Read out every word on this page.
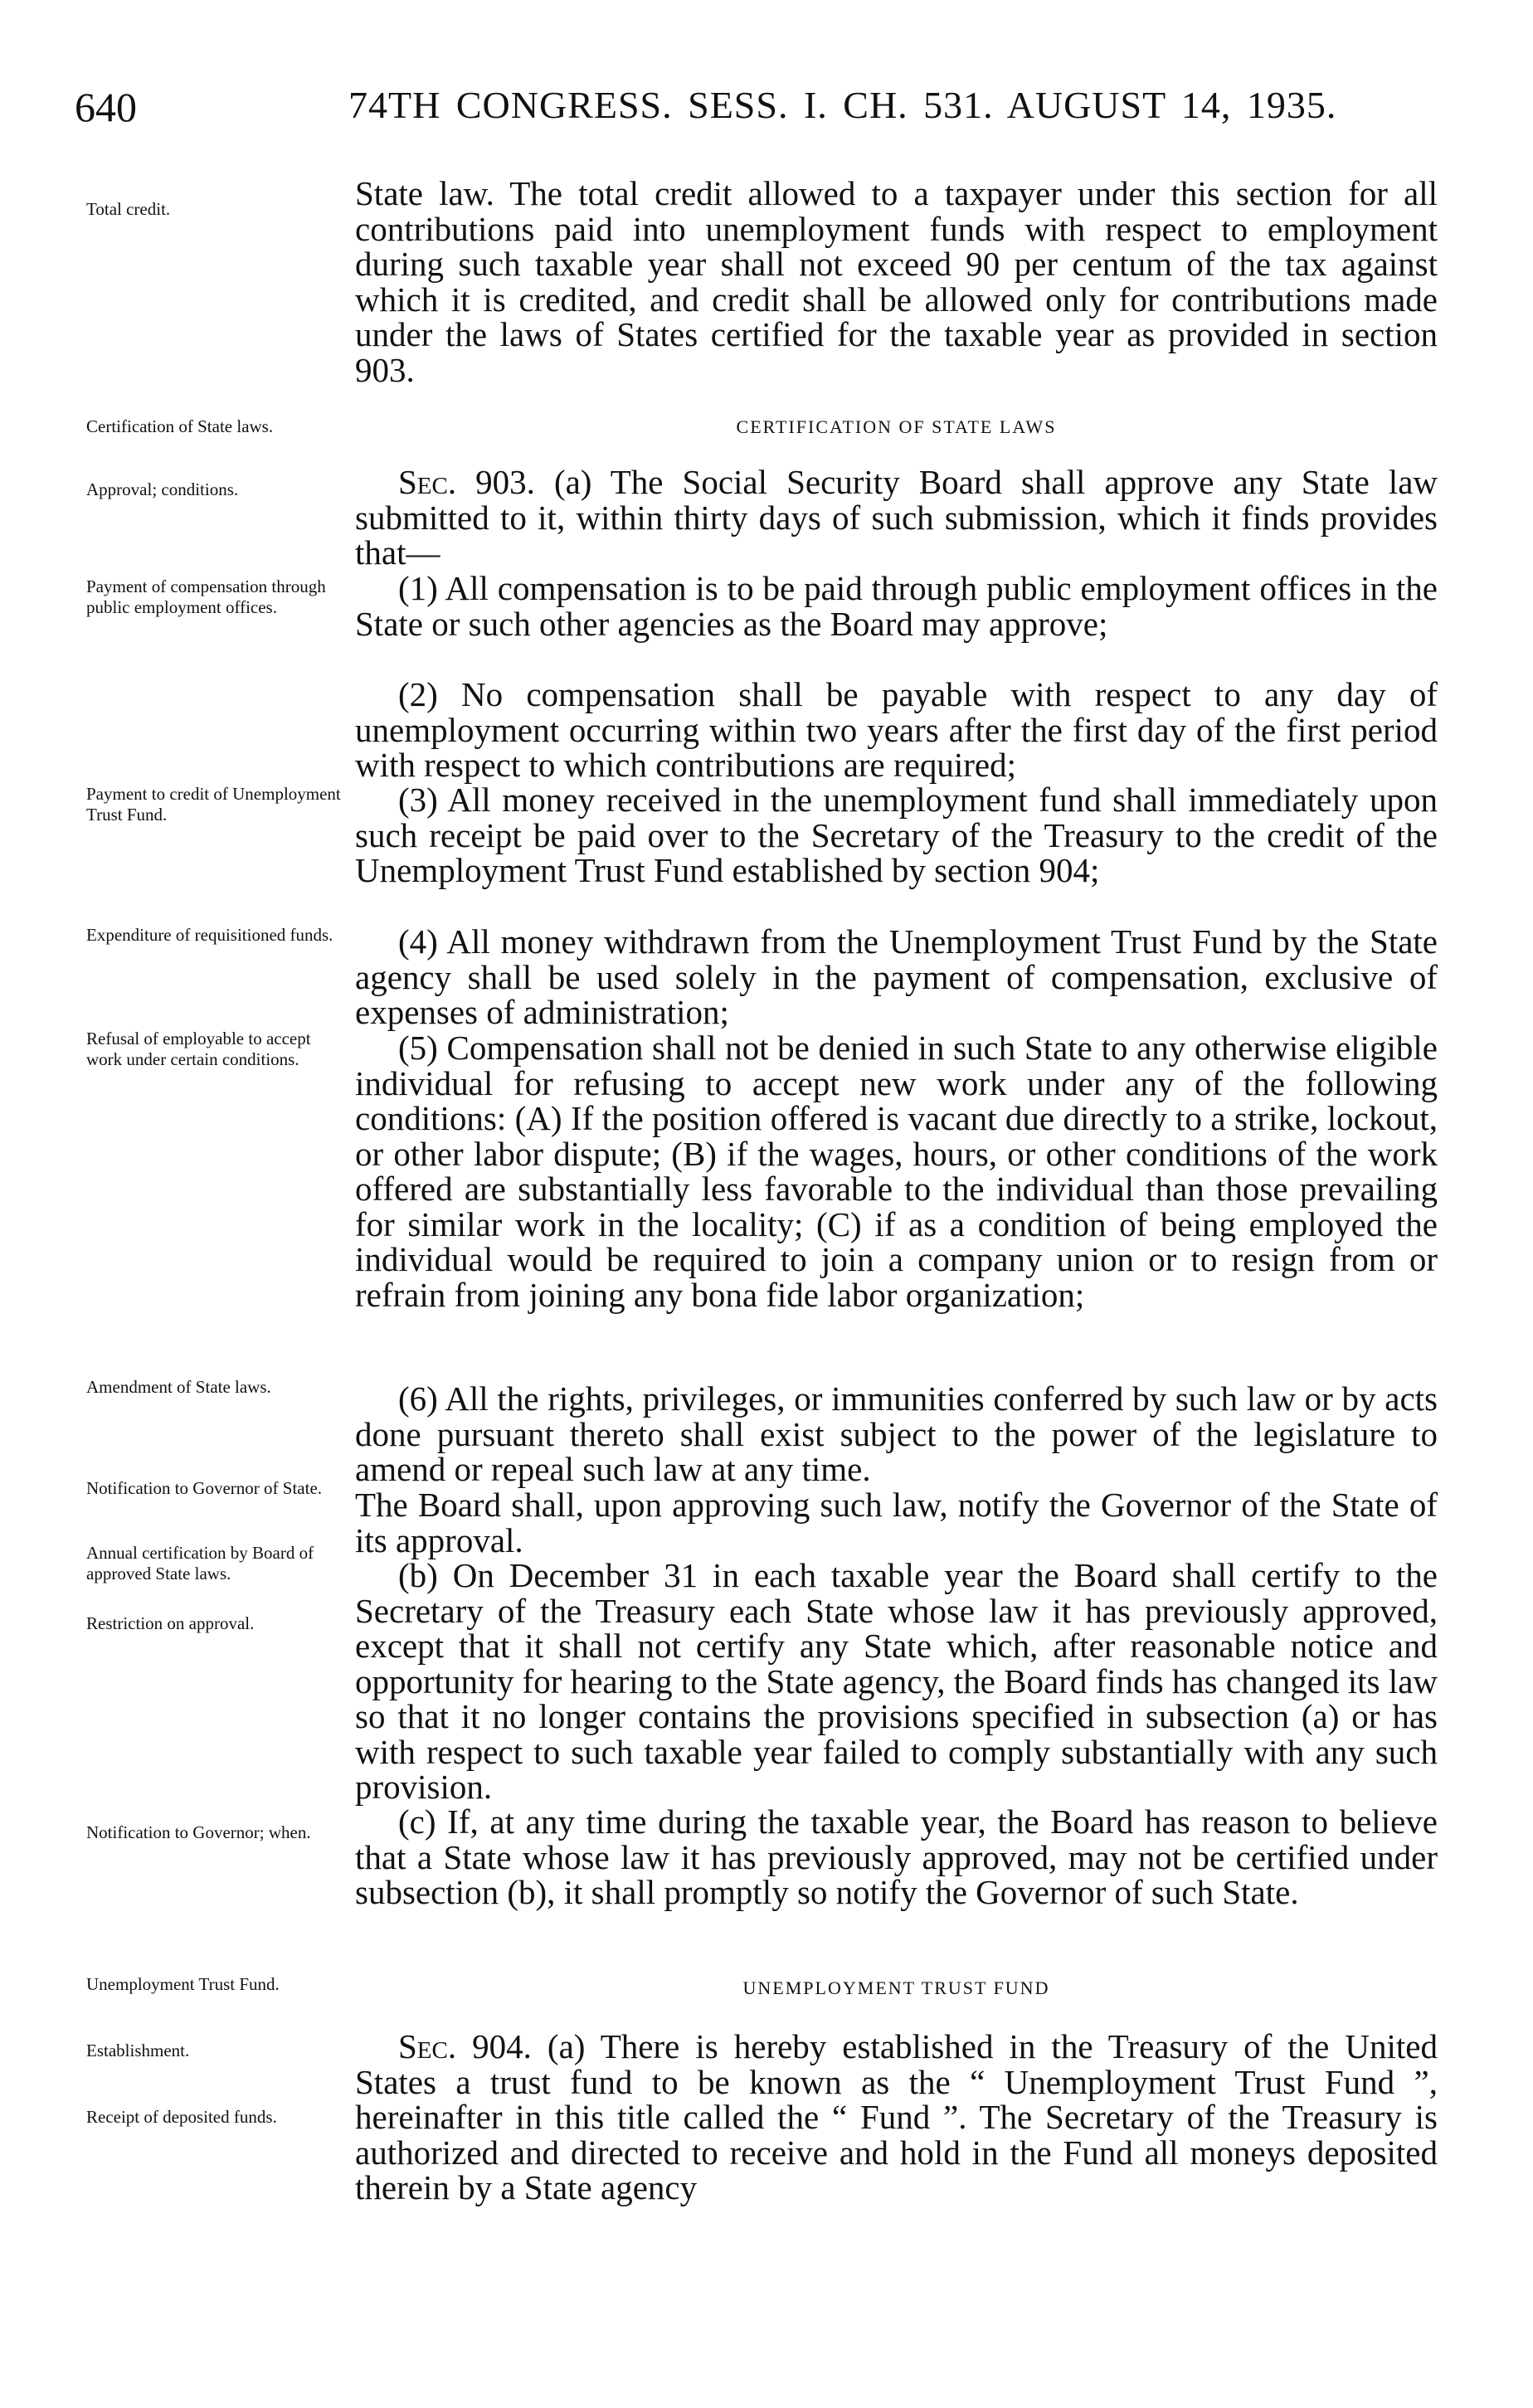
640	74TH CONGRESS. SESS. I. CH. 531. AUGUST 14, 1935.
Total credit.
Certification of State laws.
Approval; conditions.
Payment of compensation through public employment offices.
Payment to credit of Unemployment Trust Fund.
Expenditure of requisitioned funds.
Refusal of employable to accept work under certain conditions.
Amendment of State laws.
Notification to Governor of State.
Annual certification by Board of approved State laws.
Restriction on approval.
Notification to Governor; when.
Unemployment Trust Fund.
Establishment.
Receipt of deposited funds.
State law. The total credit allowed to a taxpayer under this section for all contributions paid into unemployment funds with respect to employment during such taxable year shall not exceed 90 per centum of the tax against which it is credited, and credit shall be allowed only for contributions made under the laws of States certified for the taxable year as provided in section 903.
CERTIFICATION OF STATE LAWS
Sec. 903. (a) The Social Security Board shall approve any State law submitted to it, within thirty days of such submission, which it finds provides that—
(1) All compensation is to be paid through public employment offices in the State or such other agencies as the Board may approve;
(2) No compensation shall be payable with respect to any day of unemployment occurring within two years after the first day of the first period with respect to which contributions are required;
(3) All money received in the unemployment fund shall immediately upon such receipt be paid over to the Secretary of the Treasury to the credit of the Unemployment Trust Fund established by section 904;
(4) All money withdrawn from the Unemployment Trust Fund by the State agency shall be used solely in the payment of compensation, exclusive of expenses of administration;
(5) Compensation shall not be denied in such State to any otherwise eligible individual for refusing to accept new work under any of the following conditions: (A) If the position offered is vacant due directly to a strike, lockout, or other labor dispute; (B) if the wages, hours, or other conditions of the work offered are substantially less favorable to the individual than those prevailing for similar work in the locality; (C) if as a condition of being employed the individual would be required to join a company union or to resign from or refrain from joining any bona fide labor organization;
(6) All the rights, privileges, or immunities conferred by such law or by acts done pursuant thereto shall exist subject to the power of the legislature to amend or repeal such law at any time.
The Board shall, upon approving such law, notify the Governor of the State of its approval.
(b) On December 31 in each taxable year the Board shall certify to the Secretary of the Treasury each State whose law it has previously approved, except that it shall not certify any State which, after reasonable notice and opportunity for hearing to the State agency, the Board finds has changed its law so that it no longer contains the provisions specified in subsection (a) or has with respect to such taxable year failed to comply substantially with any such provision.
(c) If, at any time during the taxable year, the Board has reason to believe that a State whose law it has previously approved, may not be certified under subsection (b), it shall promptly so notify the Governor of such State.
UNEMPLOYMENT TRUST FUND
Sec. 904. (a) There is hereby established in the Treasury of the United States a trust fund to be known as the “ Unemployment Trust Fund ”, hereinafter in this title called the “ Fund ”. The Secretary of the Treasury is authorized and directed to receive and hold in the Fund all moneys deposited therein by a State agency
